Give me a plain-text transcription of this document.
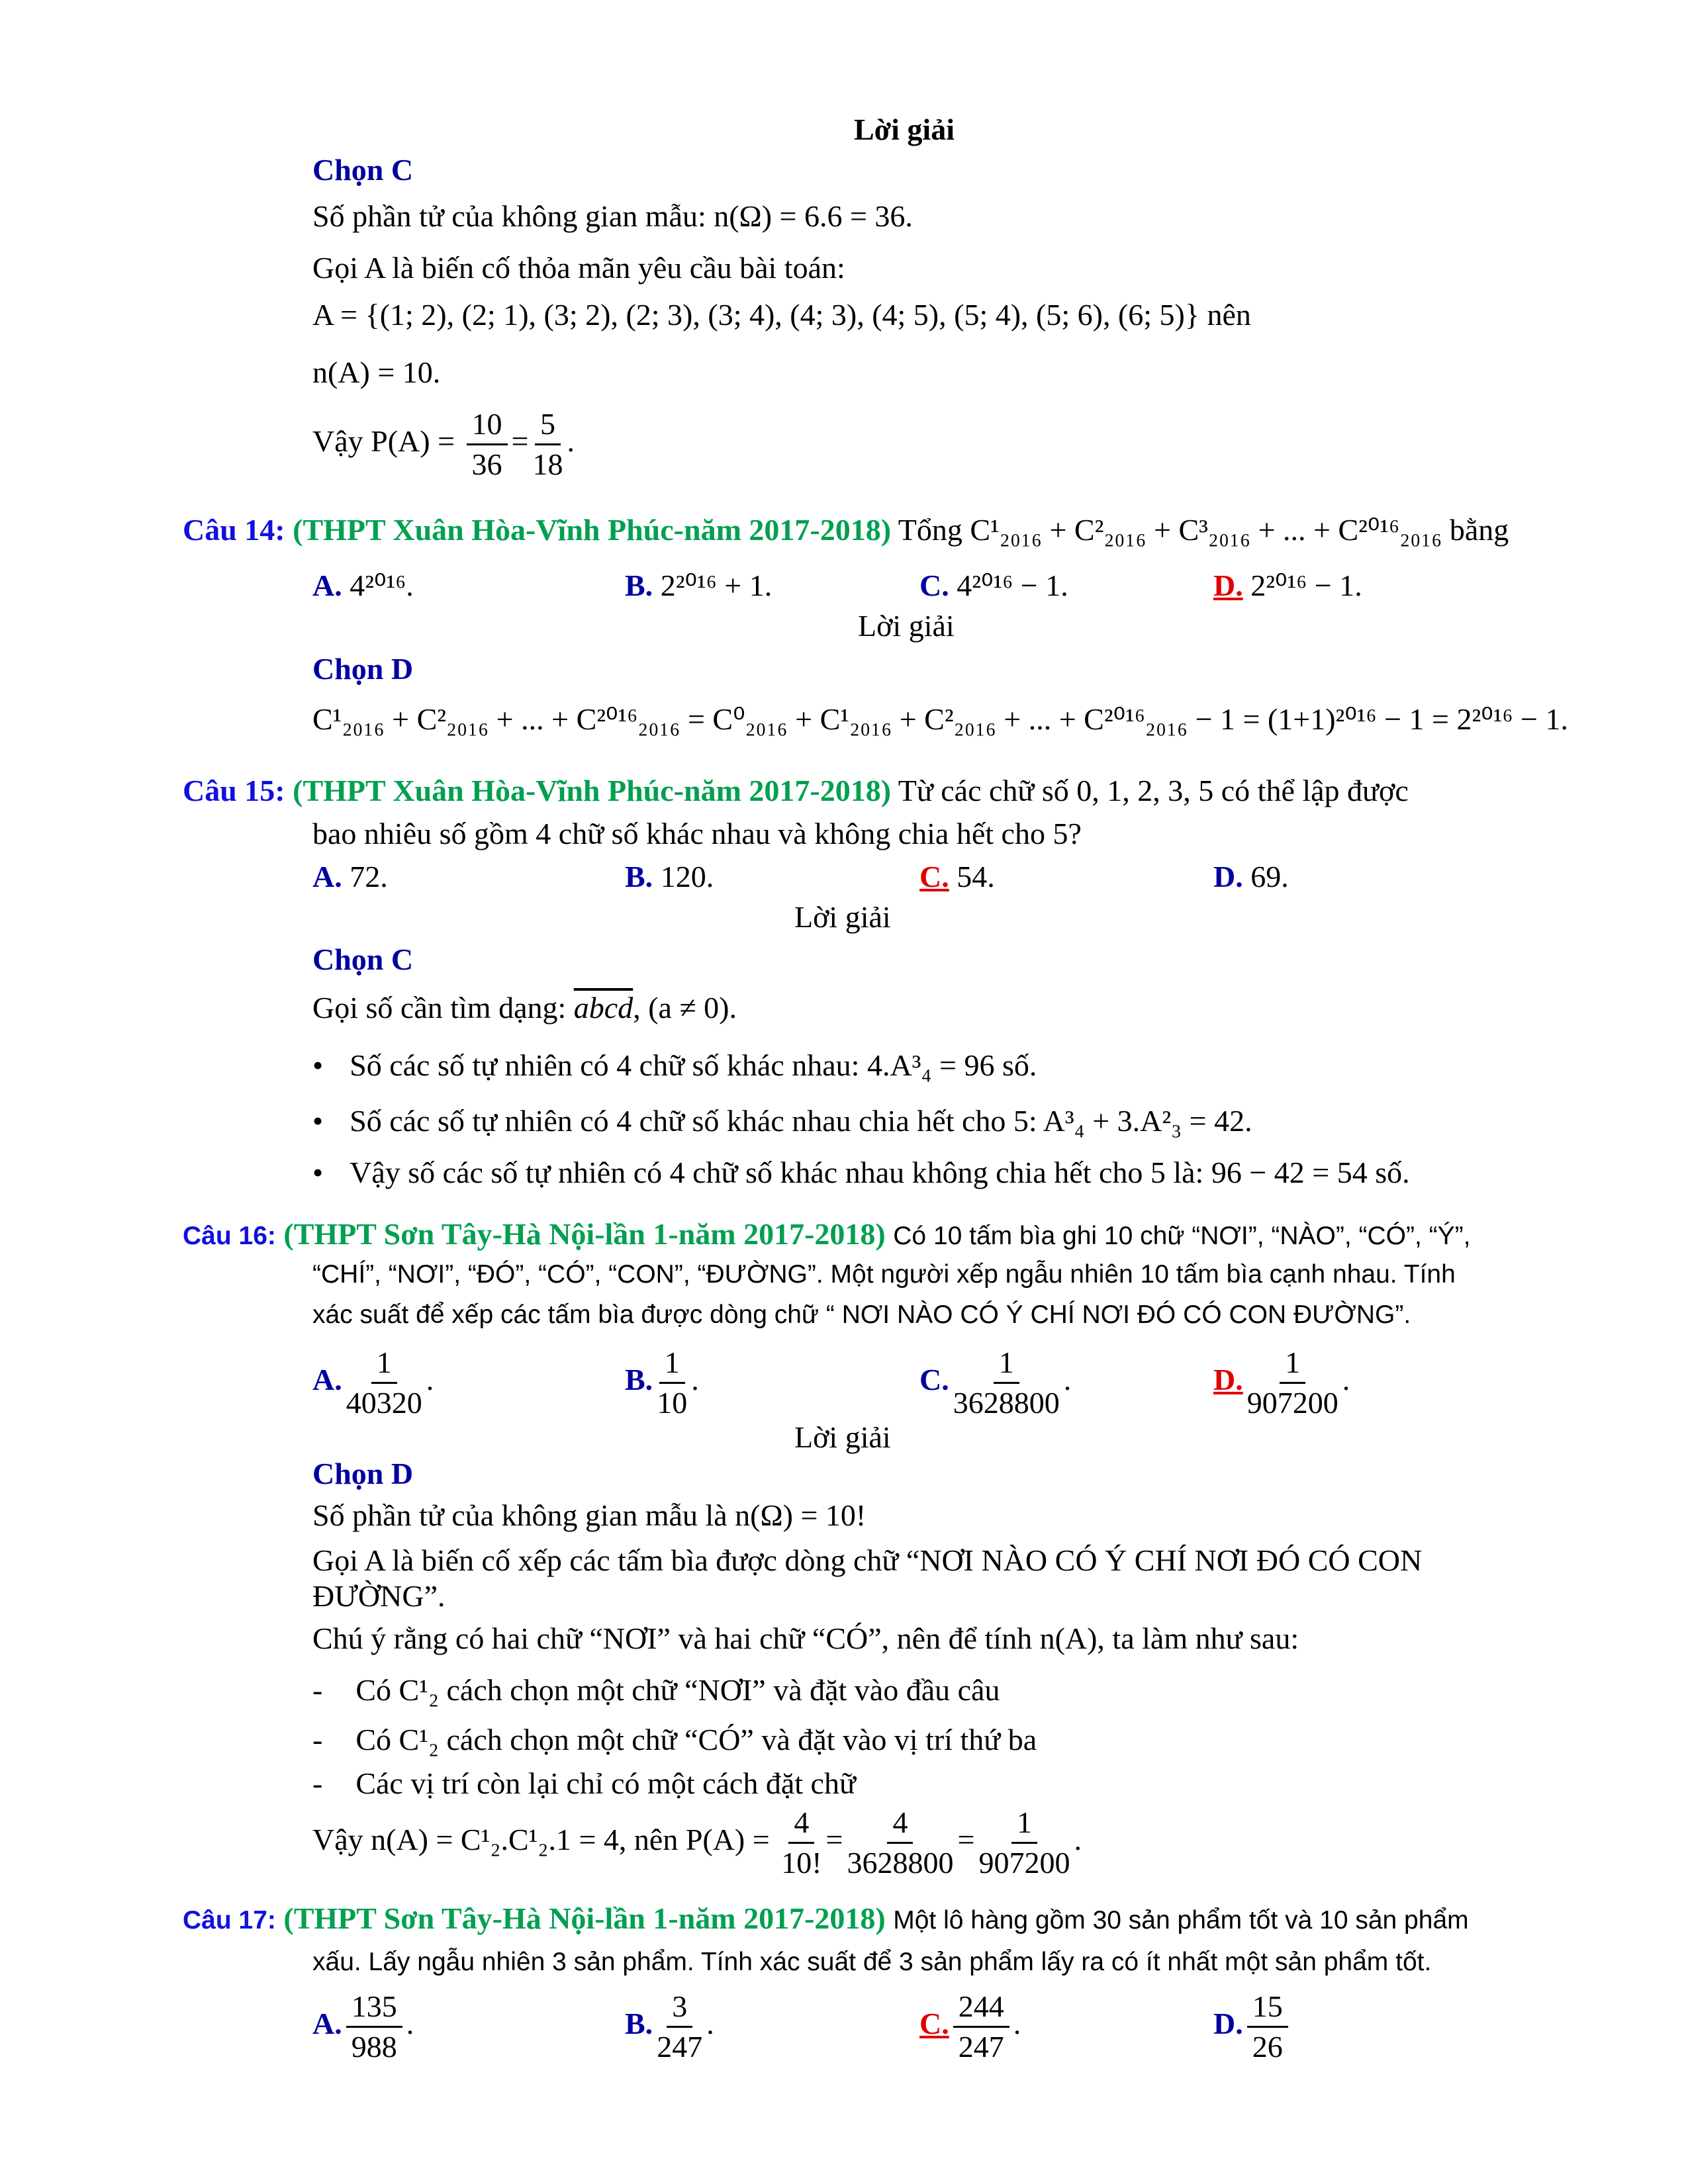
Lời giải
Chọn C
Số phần tử của không gian mẫu: n(Ω) = 6.6 = 36.
Gọi A là biến cố thỏa mãn yêu cầu bài toán:
A = {(1; 2), (2; 1), (3; 2), (2; 3), (3; 4), (4; 3), (4; 5), (5; 4), (5; 6), (6; 5)} nên
n(A) = 10.
Vậy $P(A) = \frac{10}{36} = \frac{5}{18}$ .
Câu 14: (THPT Xuân Hòa-Vĩnh Phúc-năm 2017-2018) Tổng C¹₂₀₁₆ + C²₂₀₁₆ + C³₂₀₁₆ + ... + C²⁰¹⁶₂₀₁₆ bằng
A. 4²⁰¹⁶.	B. 2²⁰¹⁶ + 1.	C. 4²⁰¹⁶ − 1.	D. 2²⁰¹⁶ − 1.
Lời giải
Chọn D
C¹₂₀₁₆ + C²₂₀₁₆ + ... + C²⁰¹⁶₂₀₁₆ = C⁰₂₀₁₆ + C¹₂₀₁₆ + C²₂₀₁₆ + ... + C²⁰¹⁶₂₀₁₆ − 1 = (1+1)²⁰¹⁶ − 1 = 2²⁰¹⁶ − 1.
Câu 15: (THPT Xuân Hòa-Vĩnh Phúc-năm 2017-2018) Từ các chữ số 0, 1, 2, 3, 5 có thể lập được
bao nhiêu số gồm 4 chữ số khác nhau và không chia hết cho 5?
A. 72.	B. 120.	C. 54.	D. 69.
Lời giải
Chọn C
Gọi số cần tìm dạng: abcd, (a ≠ 0).
• Số các số tự nhiên có 4 chữ số khác nhau: 4.A³₄ = 96 số.
• Số các số tự nhiên có 4 chữ số khác nhau chia hết cho 5: A³₄ + 3.A²₃ = 42.
• Vậy số các số tự nhiên có 4 chữ số khác nhau không chia hết cho 5 là: 96 − 42 = 54 số.
Câu 16: (THPT Sơn Tây-Hà Nội-lần 1-năm 2017-2018) Có 10 tấm bìa ghi 10 chữ “NƠI”, “NÀO”, “CÓ”, “Ý”,
“CHÍ”, “NƠI”, “ĐÓ”, “CÓ”, “CON”, “ĐƯỜNG”. Một người xếp ngẫu nhiên 10 tấm bìa cạnh nhau. Tính
xác suất để xếp các tấm bìa được dòng chữ “ NƠI NÀO CÓ Ý CHÍ NƠI ĐÓ CÓ CON ĐƯỜNG”.
A. $\frac{1}{40320}$ .	B. $\frac{1}{10}$ .	C. $\frac{1}{3628800}$ .	D. $\frac{1}{907200}$ .
Lời giải
Chọn D
Số phần tử của không gian mẫu là n(Ω) = 10!
Gọi A là biến cố xếp các tấm bìa được dòng chữ “NƠI NÀO CÓ Ý CHÍ NƠI ĐÓ CÓ CON
ĐƯỜNG”.
Chú ý rằng có hai chữ “NƠI” và hai chữ “CÓ”, nên để tính n(A), ta làm như sau:
- Có C¹₂ cách chọn một chữ “NƠI” và đặt vào đầu câu
- Có C¹₂ cách chọn một chữ “CÓ” và đặt vào vị trí thứ ba
- Các vị trí còn lại chỉ có một cách đặt chữ
Vậy n(A) = C¹₂.C¹₂.1 = 4, nên $P(A) = \frac{4}{10!} = \frac{4}{3628800} = \frac{1}{907200}$ .
Câu 17: (THPT Sơn Tây-Hà Nội-lần 1-năm 2017-2018) Một lô hàng gồm 30 sản phẩm tốt và 10 sản phẩm
xấu. Lấy ngẫu nhiên 3 sản phẩm. Tính xác suất để 3 sản phẩm lấy ra có ít nhất một sản phẩm tốt.
A. $\frac{135}{988}$ .	B. $\frac{3}{247}$ .	C. $\frac{244}{247}$ .	D. $\frac{15}{26}$
